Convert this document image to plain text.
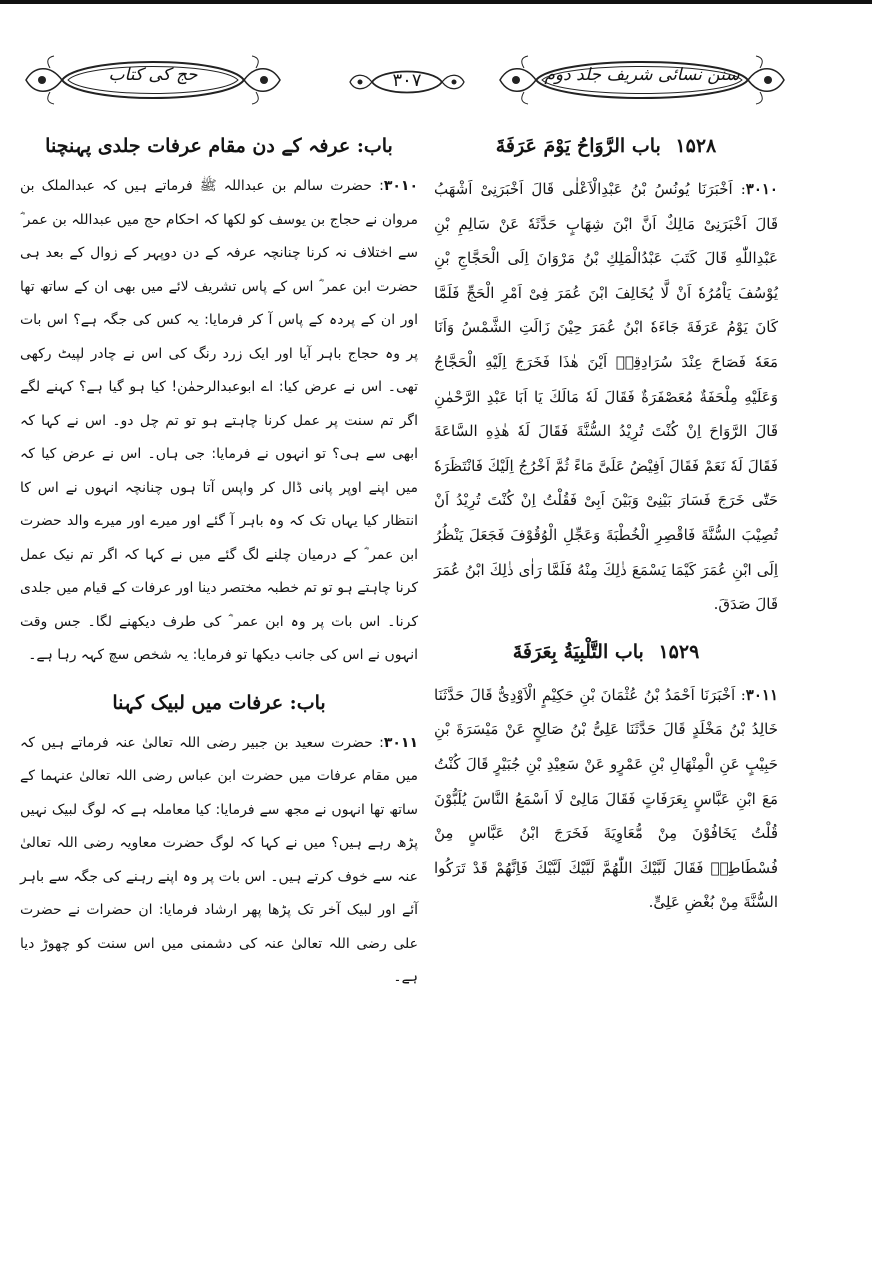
سنن نسائی شریف جلد دوم
۳۰۷
حج کی کتاب
۱۵۲۸ باب الرَّوَاحُ يَوْمَ عَرَفَةَ

۳۰۱۰: اَخْبَرَنَا يُونُسُ بْنُ عَبْدِالْاَعْلٰى قَالَ اَخْبَرَنِىْ اَشْهَبُ قَالَ اَخْبَرَنِىْ مَالِكٌ اَنَّ ابْنَ شِهَابٍ حَدَّثَهٗ عَنْ سَالِمِ بْنِ عَبْدِاللّٰهِ قَالَ كَتَبَ عَبْدُالْمَلِكِ بْنُ مَرْوَانَ اِلَى الْحَجَّاجِ بْنِ يُوْسُفَ يَاْمُرُهٗ اَنْ لَّا يُخَالِفَ ابْنَ عُمَرَ فِىْ اَمْرِ الْحَجِّ فَلَمَّا كَانَ يَوْمُ عَرَفَةَ جَاءَهٗ ابْنُ عُمَرَ حِيْنَ زَالَتِ الشَّمْسُ وَاَنَا مَعَهٗ فَصَاحَ عِنْدَ سُرَادِقِهٖ اَيْنَ هٰذَا فَخَرَجَ اِلَيْهِ الْحَجَّاجُ وَعَلَيْهِ مِلْحَفَةٌ مُعَصْفَرَةٌ فَقَالَ لَهٗ مَالَكَ يَا اَبَا عَبْدِ الرَّحْمٰنِ قَالَ الرَّوَاحَ اِنْ كُنْتَ تُرِيْدُ السُّنَّةَ فَقَالَ لَهٗ هٰذِهِ السَّاعَةَ فَقَالَ لَهٗ نَعَمْ فَقَالَ اَفِيْضُ عَلَىَّ مَاءً ثُمَّ اَخْرُجُ اِلَيْكَ فَانْتَظَرَهٗ حَتّٰى خَرَجَ فَسَارَ بَيْنِىْ وَبَيْنَ اَبِىْ فَقُلْتُ اِنْ كُنْتَ تُرِيْدُ اَنْ تُصِيْبَ السُّنَّةَ فَاقْصِرِ الْخُطْبَةَ وَعَجِّلِ الْوُقُوْفَ فَجَعَلَ يَنْظُرُ اِلَى ابْنِ عُمَرَ كَيْمَا يَسْمَعَ ذٰلِكَ مِنْهُ فَلَمَّا رَاٰى ذٰلِكَ ابْنُ عُمَرَ قَالَ صَدَقَ.

۱۵۲۹ باب التَّلْبِيَةُ بِعَرَفَةَ

۳۰۱۱: اَخْبَرَنَا اَحْمَدُ بْنُ عُثْمَانَ بْنِ حَكِيْمٍ الْاَوْدِىُّ قَالَ حَدَّثَنَا خَالِدُ بْنُ مَخْلَدٍ قَالَ حَدَّثَنَا عَلِىُّ بْنُ صَالِحٍ عَنْ مَيْسَرَةَ بْنِ حَبِيْبٍ عَنِ الْمِنْهَالِ بْنِ عَمْرٍو عَنْ سَعِيْدِ بْنِ جُبَيْرٍ قَالَ كُنْتُ مَعَ ابْنِ عَبَّاسٍ بِعَرَفَاتٍ فَقَالَ مَالِىْ لَا اَسْمَعُ النَّاسَ يُلَبُّوْنَ قُلْتُ يَخَافُوْنَ مِنْ مُّعَاوِيَةَ فَخَرَجَ ابْنُ عَبَّاسٍ مِنْ فُسْطَاطِهٖ فَقَالَ لَبَّيْكَ اللّٰهُمَّ لَبَّيْكَ لَبَّيْكَ فَاِنَّهُمْ قَدْ تَرَكُوا السُّنَّةَ مِنْ بُغْضِ عَلِىٍّ.

باب: عرفہ کے دن مقام عرفات جلدی پہنچنا

۳۰۱۰: حضرت سالم بن عبداللہ ﷺ فرماتے ہیں کہ عبدالملک بن مروان نے حجاج بن یوسف کو لکھا کہ احکام حج میں عبداللہ بن عمر ؓ سے اختلاف نہ کرنا چنانچہ عرفہ کے دن دوپہر کے زوال کے بعد ہی حضرت ابن عمر ؓ اس کے پاس تشریف لائے میں بھی ان کے ساتھ تھا اور ان کے پردہ کے پاس آ کر فرمایا: یہ کس کی جگہ ہے؟ اس بات پر وہ حجاج باہر آیا اور ایک زرد رنگ کی اس نے چادر لپیٹ رکھی تھی۔ اس نے عرض کیا: اے ابوعبدالرحمٰن! کیا ہو گیا ہے؟ کہنے لگے اگر تم سنت پر عمل کرنا چاہتے ہو تو تم چل دو۔ اس نے کہا کہ ابھی سے ہی؟ تو انہوں نے فرمایا: جی ہاں۔ اس نے عرض کیا کہ میں اپنے اوپر پانی ڈال کر واپس آتا ہوں چنانچہ انہوں نے اس کا انتظار کیا یہاں تک کہ وہ باہر آ گئے اور میرے اور میرے والد حضرت ابن عمر ؓ کے درمیان چلنے لگ گئے میں نے کہا کہ اگر تم نیک عمل کرنا چاہتے ہو تو تم خطبہ مختصر دینا اور عرفات کے قیام میں جلدی کرنا۔ اس بات پر وہ ابن عمر ؓ کی طرف دیکھنے لگا۔ جس وقت انہوں نے اس کی جانب دیکھا تو فرمایا: یہ شخص سچ کہہ رہا ہے۔

باب: عرفات میں لبیک کہنا

۳۰۱۱: حضرت سعید بن جبیر رضی اللہ تعالیٰ عنہ فرماتے ہیں کہ میں مقام عرفات میں حضرت ابن عباس رضی اللہ تعالیٰ عنہما کے ساتھ تھا انہوں نے مجھ سے فرمایا: کیا معاملہ ہے کہ لوگ لبیک نہیں پڑھ رہے ہیں؟ میں نے کہا کہ لوگ حضرت معاویہ رضی اللہ تعالیٰ عنہ سے خوف کرتے ہیں۔ اس بات پر وہ اپنے رہنے کی جگہ سے باہر آئے اور لبیک آخر تک پڑھا پھر ارشاد فرمایا: ان حضرات نے حضرت علی رضی اللہ تعالیٰ عنہ کی دشمنی میں اس سنت کو چھوڑ دیا ہے۔
